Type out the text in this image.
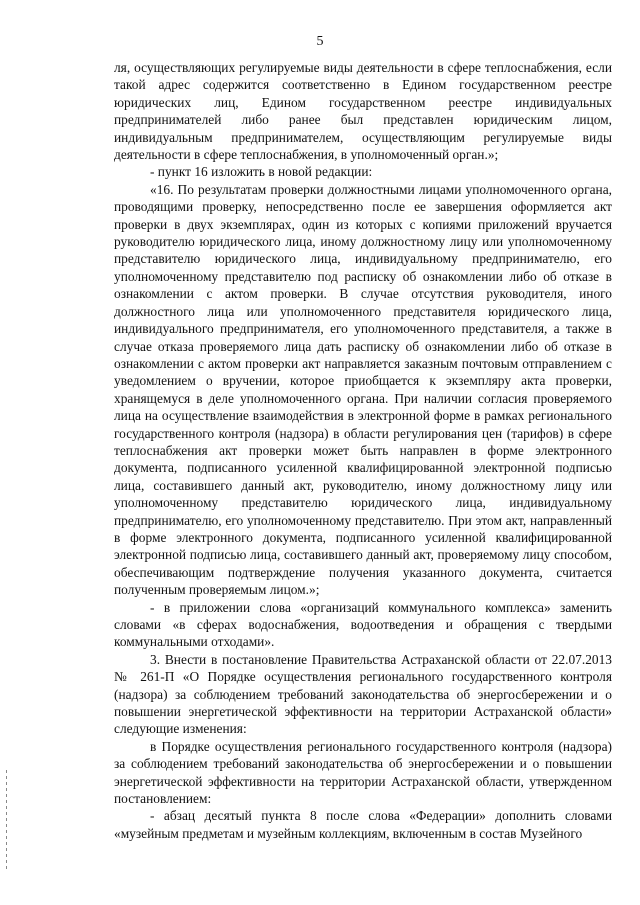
5

ля, осуществляющих регулируемые виды деятельности в сфере теплоснабжения, если такой адрес содержится соответственно в Едином государственном реестре юридических лиц, Едином государственном реестре индивидуальных предпринимателей либо ранее был представлен юридическим лицом, индивидуальным предпринимателем, осуществляющим регулируемые виды деятельности в сфере теплоснабжения, в уполномоченный орган.»;

- пункт 16 изложить в новой редакции:

«16. По результатам проверки должностными лицами уполномоченного органа, проводящими проверку, непосредственно после ее завершения оформляется акт проверки в двух экземплярах, один из которых с копиями приложений вручается руководителю юридического лица, иному должностному лицу или уполномоченному представителю юридического лица, индивидуальному предпринимателю, его уполномоченному представителю под расписку об ознакомлении либо об отказе в ознакомлении с актом проверки. В случае отсутствия руководителя, иного должностного лица или уполномоченного представителя юридического лица, индивидуального предпринимателя, его уполномоченного представителя, а также в случае отказа проверяемого лица дать расписку об ознакомлении либо об отказе в ознакомлении с актом проверки акт направляется заказным почтовым отправлением с уведомлением о вручении, которое приобщается к экземпляру акта проверки, хранящемуся в деле уполномоченного органа. При наличии согласия проверяемого лица на осуществление взаимодействия в электронной форме в рамках регионального государственного контроля (надзора) в области регулирования цен (тарифов) в сфере теплоснабжения акт проверки может быть направлен в форме электронного документа, подписанного усиленной квалифицированной электронной подписью лица, составившего данный акт, руководителю, иному должностному лицу или уполномоченному представителю юридического лица, индивидуальному предпринимателю, его уполномоченному представителю. При этом акт, направленный в форме электронного документа, подписанного усиленной квалифицированной электронной подписью лица, составившего данный акт, проверяемому лицу способом, обеспечивающим подтверждение получения указанного документа, считается полученным проверяемым лицом.»;

- в приложении слова «организаций коммунального комплекса» заменить словами «в сферах водоснабжения, водоотведения и обращения с твердыми коммунальными отходами».

3. Внести в постановление Правительства Астраханской области от 22.07.2013 № 261-П «О Порядке осуществления регионального государственного контроля (надзора) за соблюдением требований законодательства об энергосбережении и о повышении энергетической эффективности на территории Астраханской области» следующие изменения:

в Порядке осуществления регионального государственного контроля (надзора) за соблюдением требований законодательства об энергосбережении и о повышении энергетической эффективности на территории Астраханской области, утвержденном постановлением:

- абзац десятый пункта 8 после слова «Федерации» дополнить словами «музейным предметам и музейным коллекциям, включенным в состав Музейного
